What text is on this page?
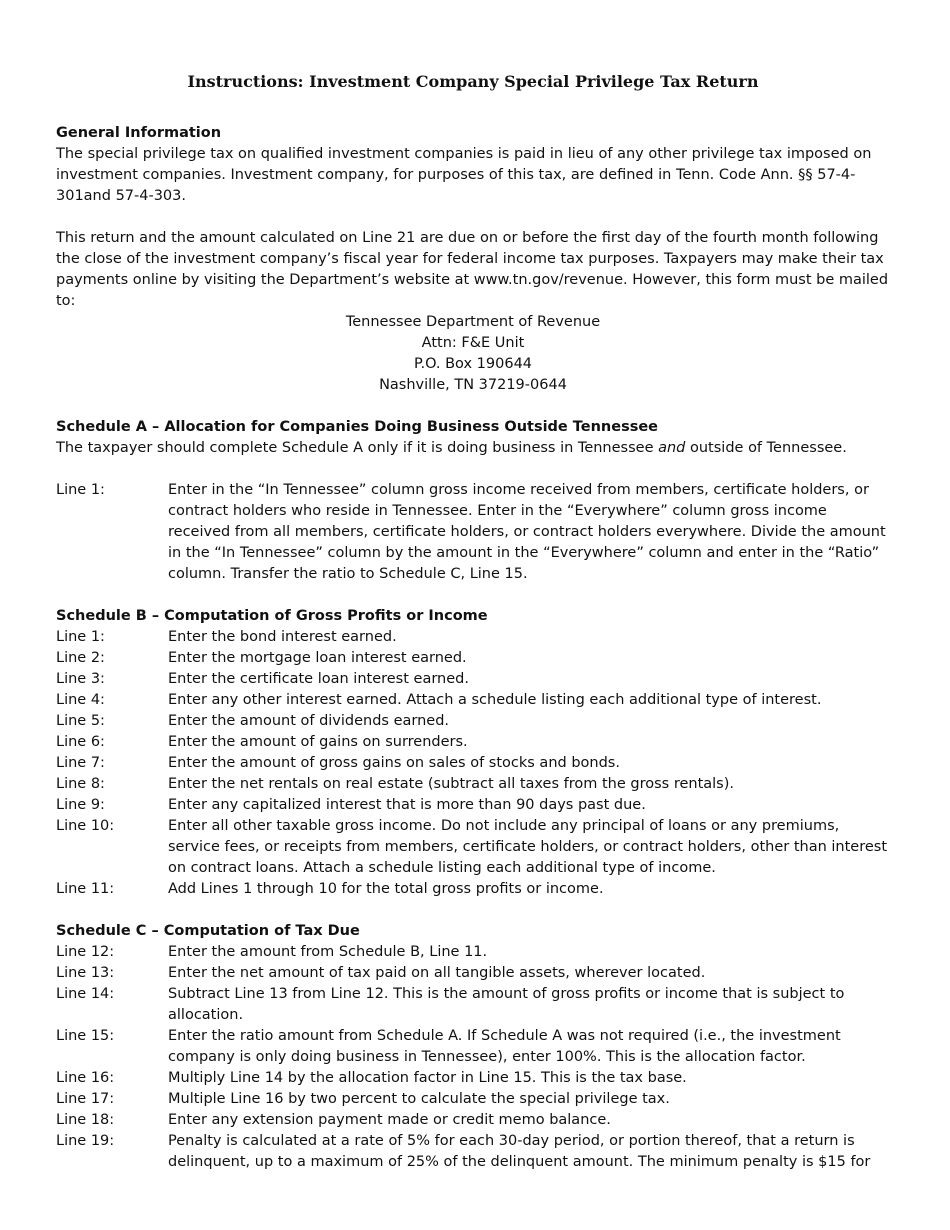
Instructions: Investment Company Special Privilege Tax Return

General Information

The special privilege tax on qualified investment companies is paid in lieu of any other privilege tax imposed on investment companies. Investment company, for purposes of this tax, are defined in Tenn. Code Ann. §§ 57-4-301and 57-4-303.

This return and the amount calculated on Line 21 are due on or before the first day of the fourth month following the close of the investment company’s fiscal year for federal income tax purposes. Taxpayers may make their tax payments online by visiting the Department’s website at www.tn.gov/revenue. However, this form must be mailed to:

Tennessee Department of Revenue
Attn: F&E Unit
P.O. Box 190644
Nashville, TN 37219-0644

Schedule A – Allocation for Companies Doing Business Outside Tennessee

The taxpayer should complete Schedule A only if it is doing business in Tennessee and outside of Tennessee.

Line 1:	Enter in the “In Tennessee” column gross income received from members, certificate holders, or contract holders who reside in Tennessee. Enter in the “Everywhere” column gross income received from all members, certificate holders, or contract holders everywhere. Divide the amount in the “In Tennessee” column by the amount in the “Everywhere” column and enter in the “Ratio” column. Transfer the ratio to Schedule C, Line 15.

Schedule B – Computation of Gross Profits or Income

Line 1:	Enter the bond interest earned.
Line 2:	Enter the mortgage loan interest earned.
Line 3:	Enter the certificate loan interest earned.
Line 4:	Enter any other interest earned. Attach a schedule listing each additional type of interest.
Line 5:	Enter the amount of dividends earned.
Line 6:	Enter the amount of gains on surrenders.
Line 7:	Enter the amount of gross gains on sales of stocks and bonds.
Line 8:	Enter the net rentals on real estate (subtract all taxes from the gross rentals).
Line 9:	Enter any capitalized interest that is more than 90 days past due.
Line 10:	Enter all other taxable gross income. Do not include any principal of loans or any premiums, service fees, or receipts from members, certificate holders, or contract holders, other than interest on contract loans. Attach a schedule listing each additional type of income.
Line 11:	Add Lines 1 through 10 for the total gross profits or income.

Schedule C – Computation of Tax Due

Line 12:	Enter the amount from Schedule B, Line 11.
Line 13:	Enter the net amount of tax paid on all tangible assets, wherever located.
Line 14:	Subtract Line 13 from Line 12. This is the amount of gross profits or income that is subject to allocation.
Line 15:	Enter the ratio amount from Schedule A. If Schedule A was not required (i.e., the investment company is only doing business in Tennessee), enter 100%. This is the allocation factor.
Line 16:	Multiply Line 14 by the allocation factor in Line 15. This is the tax base.
Line 17:	Multiple Line 16 by two percent to calculate the special privilege tax.
Line 18:	Enter any extension payment made or credit memo balance.
Line 19:	Penalty is calculated at a rate of 5% for each 30-day period, or portion thereof, that a return is delinquent, up to a maximum of 25% of the delinquent amount. The minimum penalty is $15 for
